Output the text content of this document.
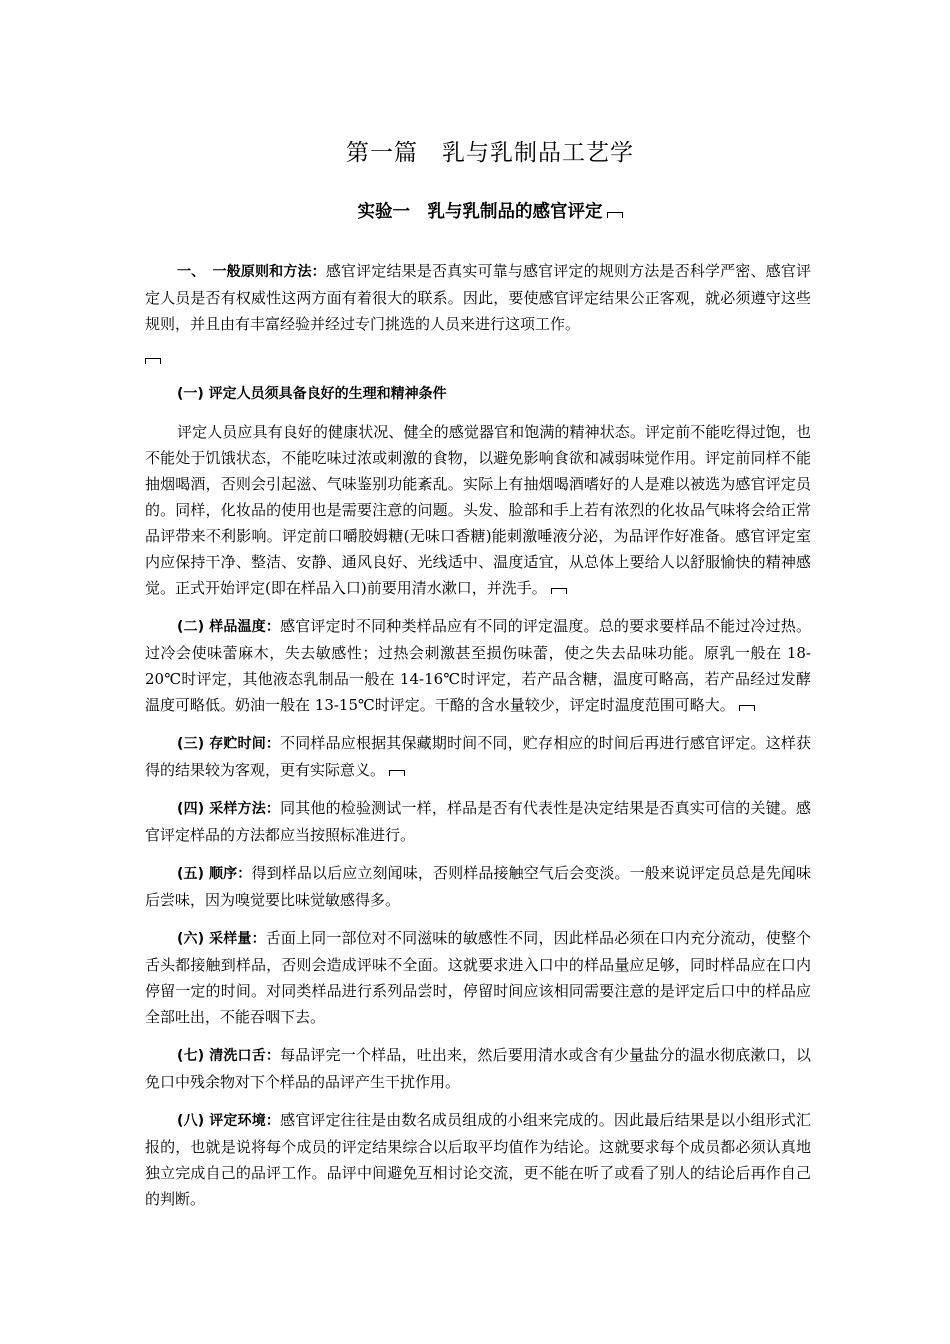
第一篇　乳与乳制品工艺学
实验一　乳与乳制品的感官评定

一、　一般原则和方法：感官评定结果是否真实可靠与感官评定的规则方法是否科学严密、感官评定人员是否有权威性这两方面有着很大的联系。因此，要使感官评定结果公正客观，就必须遵守这些规则，并且由有丰富经验并经过专门挑选的人员来进行这项工作。

(一) 评定人员须具备良好的生理和精神条件

评定人员应具有良好的健康状况、健全的感觉器官和饱满的精神状态。评定前不能吃得过饱，也不能处于饥饿状态，不能吃味过浓或刺激的食物，以避免影响食欲和减弱味觉作用。评定前同样不能抽烟喝酒，否则会引起滋、气味鉴别功能紊乱。实际上有抽烟喝酒嗜好的人是难以被选为感官评定员的。同样，化妆品的使用也是需要注意的问题。头发、脸部和手上若有浓烈的化妆品气味将会给正常品评带来不利影响。评定前口嚼胶姆糖(无味口香糖)能刺激唾液分泌，为品评作好准备。感官评定室内应保持干净、整洁、安静、通风良好、光线适中、温度适宜，从总体上要给人以舒服愉快的精神感觉。正式开始评定(即在样品入口)前要用清水漱口，并洗手。

(二) 样品温度：感官评定时不同种类样品应有不同的评定温度。总的要求要样品不能过冷过热。过冷会使味蕾麻木，失去敏感性；过热会刺激甚至损伤味蕾，使之失去品味功能。原乳一般在 18-20℃时评定，其他液态乳制品一般在 14-16℃时评定，若产品含糖，温度可略高，若产品经过发酵温度可略低。奶油一般在 13-15℃时评定。干酪的含水量较少，评定时温度范围可略大。

(三) 存贮时间：不同样品应根据其保藏期时间不同，贮存相应的时间后再进行感官评定。这样获得的结果较为客观，更有实际意义。

(四) 采样方法：同其他的检验测试一样，样品是否有代表性是决定结果是否真实可信的关键。感官评定样品的方法都应当按照标准进行。

(五) 顺序：得到样品以后应立刻闻味，否则样品接触空气后会变淡。一般来说评定员总是先闻味后尝味，因为嗅觉要比味觉敏感得多。

(六) 采样量：舌面上同一部位对不同滋味的敏感性不同，因此样品必须在口内充分流动，使整个舌头都接触到样品，否则会造成评味不全面。这就要求进入口中的样品量应足够，同时样品应在口内停留一定的时间。对同类样品进行系列品尝时，停留时间应该相同需要注意的是评定后口中的样品应全部吐出，不能吞咽下去。

(七) 清洗口舌：每品评完一个样品，吐出来，然后要用清水或含有少量盐分的温水彻底漱口，以免口中残余物对下个样品的品评产生干扰作用。

(八) 评定环境：感官评定往往是由数名成员组成的小组来完成的。因此最后结果是以小组形式汇报的，也就是说将每个成员的评定结果综合以后取平均值作为结论。这就要求每个成员都必须认真地独立完成自己的品评工作。品评中间避免互相讨论交流，更不能在听了或看了别人的结论后再作自己的判断。
